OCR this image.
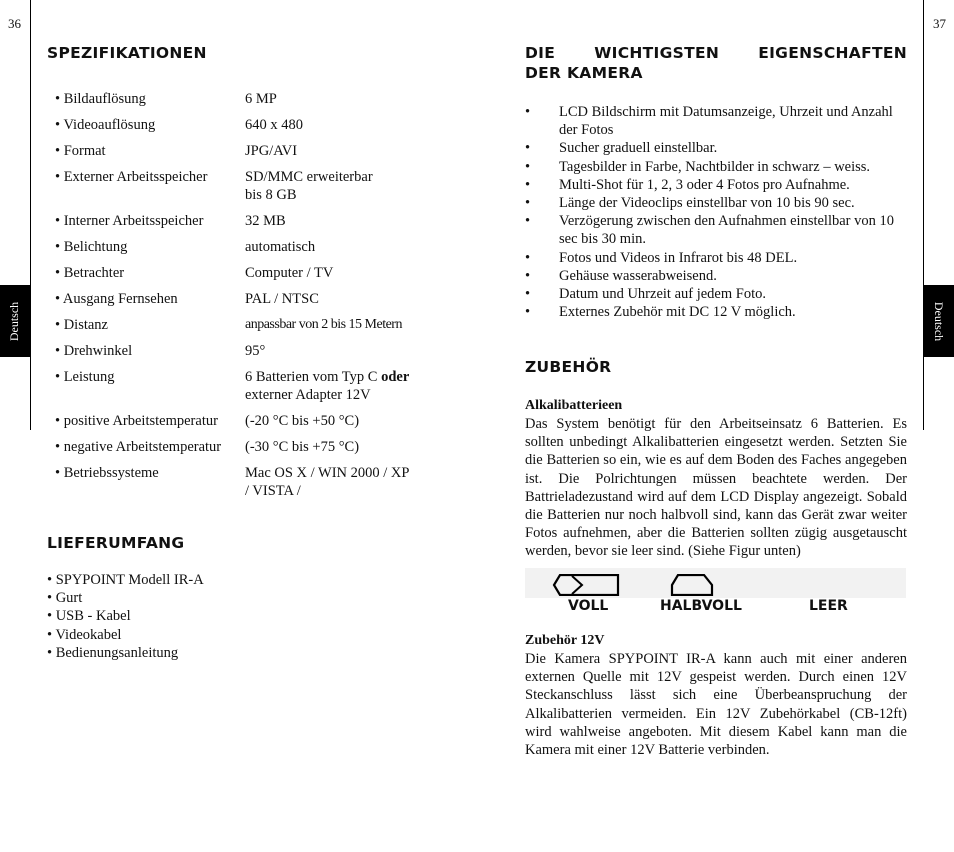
36	37
Deutsch	Deutsch
SPEZIFIKATIONEN
• Bildauflösung	6 MP
• Videoauflösung	640 x 480
• Format	JPG/AVI
• Externer Arbeitsspeicher	SD/MMC erweiterbar
bis 8 GB
• Interner Arbeitsspeicher	32 MB
• Belichtung	automatisch
• Betrachter	Computer / TV
• Ausgang Fernsehen	PAL / NTSC
• Distanz	anpassbar von 2 bis 15 Metern
• Drehwinkel	95°
• Leistung	6 Batterien vom Typ C oder
externer Adapter 12V
• positive Arbeitstemperatur	(-20 °C bis +50 °C)
• negative Arbeitstemperatur	(-30 °C bis +75 °C)
• Betriebssysteme	Mac OS X / WIN 2000 / XP
/ VISTA /
LIEFERUMFANG
• SPYPOINT Modell IR-A
• Gurt
• USB - Kabel
• Videokabel
• Bedienungsanleitung
DIE WICHTIGSTEN EIGENSCHAFTEN
DER KAMERA
•	LCD Bildschirm mit Datumsanzeige, Uhrzeit und Anzahl der Fotos
•	Sucher graduell einstellbar.
•	Tagesbilder in Farbe, Nachtbilder in schwarz – weiss.
•	Multi-Shot für 1, 2, 3 oder 4 Fotos pro Aufnahme.
•	Länge der Videoclips einstellbar von 10 bis 90 sec.
•	Verzögerung zwischen den Aufnahmen einstellbar von 10 sec bis 30 min.
•	Fotos und Videos in Infrarot bis 48 DEL.
•	Gehäuse wasserabweisend.
•	Datum und Uhrzeit auf jedem Foto.
•	Externes Zubehör mit DC 12 V möglich.
ZUBEHÖR
Alkalibatterieen
Das System benötigt für den Arbeitseinsatz 6 Batterien. Es sollten unbedingt Alkalibatterien eingesetzt werden. Setzten Sie die Batterien so ein, wie es auf dem Boden des Faches angegeben ist. Die Polrichtungen müssen beachtete werden. Der Battrieladezustand wird auf dem LCD Display angezeigt. Sobald die Batterien nur noch halbvoll sind, kann das Gerät zwar weiter Fotos aufnehmen, aber die Batterien sollten zügig ausgetauscht werden, bevor sie leer sind. (Siehe Figur unten)
VOLL	HALBVOLL	LEER
Zubehör 12V
Die Kamera SPYPOINT IR-A kann auch mit einer anderen externen Quelle mit 12V gespeist werden. Durch einen 12V Steckanschluss lässt sich eine Überbeanspruchung der Alkalibatterien vermeiden. Ein 12V Zubehörkabel (CB-12ft) wird wahlweise angeboten. Mit diesem Kabel kann man die Kamera mit einer 12V Batterie verbinden.
